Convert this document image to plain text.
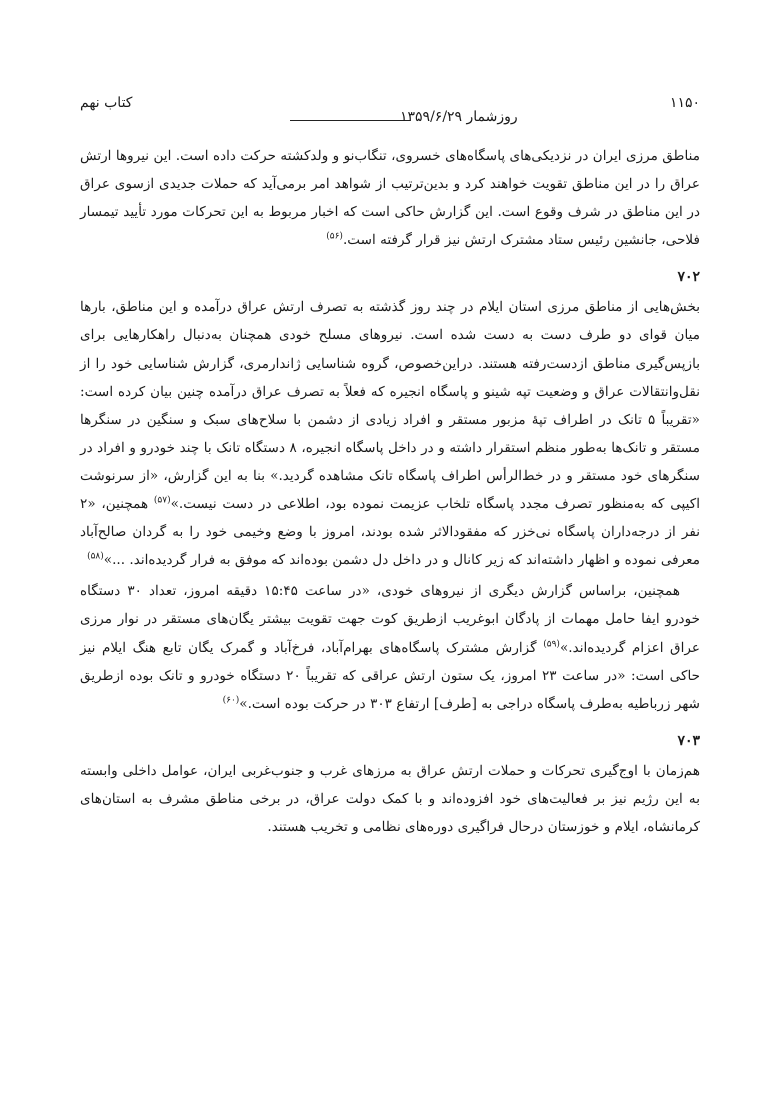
کتاب نهم
روزشمار ۱۳۵۹/۶/۲۹
۱۱۵۰

مناطق مرزی ایران در نزدیکی‌های پاسگاه‌های خسروی، تنگاب‌نو و ولدکشته حرکت داده است. این نیروها ارتش عراق را در این مناطق تقویت خواهند کرد و بدین‌ترتیب از شواهد امر برمی‌آید که حملات جدیدی ازسوی عراق در این مناطق در شرف وقوع است. این گزارش حاکی است که اخبار مربوط به این تحرکات مورد تأیید تیمسار فلاحی، جانشین رئیس ستاد مشترک ارتش نیز قرار گرفته است.$^{(۵۶)}$

۷۰۲

بخش‌هایی از مناطق مرزی استان ایلام در چند روز گذشته به تصرف ارتش عراق درآمده و این مناطق، بارها میان قوای دو طرف دست به دست شده است. نیروهای مسلح خودی همچنان به‌دنبال راهکارهایی برای بازپس‌گیری مناطق ازدست‌رفته هستند. دراین‌خصوص، گروه شناسایی ژاندارمری، گزارش شناسایی خود را از نقل‌وانتقالات عراق و وضعیت تپه شینو و پاسگاه انجیره که فعلاً به تصرف عراق درآمده چنین بیان کرده است: «تقریباً ۵ تانک در اطراف تپهٔ مزبور مستقر و افراد زیادی از دشمن با سلاح‌های سبک و سنگین در سنگرها مستقر و تانک‌ها به‌طور منظم استقرار داشته و در داخل پاسگاه انجیره، ۸ دستگاه تانک با چند خودرو و افراد در سنگرهای خود مستقر و در خط‌الرأس اطراف پاسگاه تانک مشاهده گردید.» بنا به این گزارش، «از سرنوشت اکیپی که به‌منظور تصرف مجدد پاسگاه تلخاب عزیمت نموده بود، اطلاعی در دست نیست.»$^{(۵۷)}$ همچنین، «۲ نفر از درجه‌داران پاسگاه نی‌خزر که مفقودالاثر شده بودند، امروز با وضع وخیمی خود را به گردان صالح‌آباد معرفی نموده و اظهار داشته‌اند که زیر کانال و در داخل دل دشمن بوده‌اند که موفق به فرار گردیده‌اند. ...»$^{(۵۸)}$

همچنین، براساس گزارش دیگری از نیروهای خودی، «در ساعت ۱۵:۴۵ دقیقه امروز، تعداد ۳۰ دستگاه خودرو ایفا حامل مهمات از پادگان ابوغریب ازطریق کوت جهت تقویت بیشتر یگان‌های مستقر در نوار مرزی عراق اعزام گردیده‌اند.»$^{(۵۹)}$ گزارش مشترک پاسگاه‌های بهرام‌آباد، فرخ‌آباد و گمرک یگان تابع هنگ ایلام نیز حاکی است: «در ساعت ۲۳ امروز، یک ستون ارتش عراقی که تقریباً ۲۰ دستگاه خودرو و تانک بوده ازطریق شهر زرباطیه به‌طرف پاسگاه دراجی به [طرف] ارتفاع ۳۰۳ در حرکت بوده است.»$^{(۶۰)}$

۷۰۳

هم‌زمان با اوج‌گیری تحرکات و حملات ارتش عراق به مرزهای غرب و جنوب‌غربی ایران، عوامل داخلی وابسته به این رژیم نیز بر فعالیت‌های خود افزوده‌اند و با کمک دولت عراق، در برخی مناطق مشرف به استان‌های کرمانشاه، ایلام و خوزستان درحال فراگیری دوره‌های نظامی و تخریب هستند.
